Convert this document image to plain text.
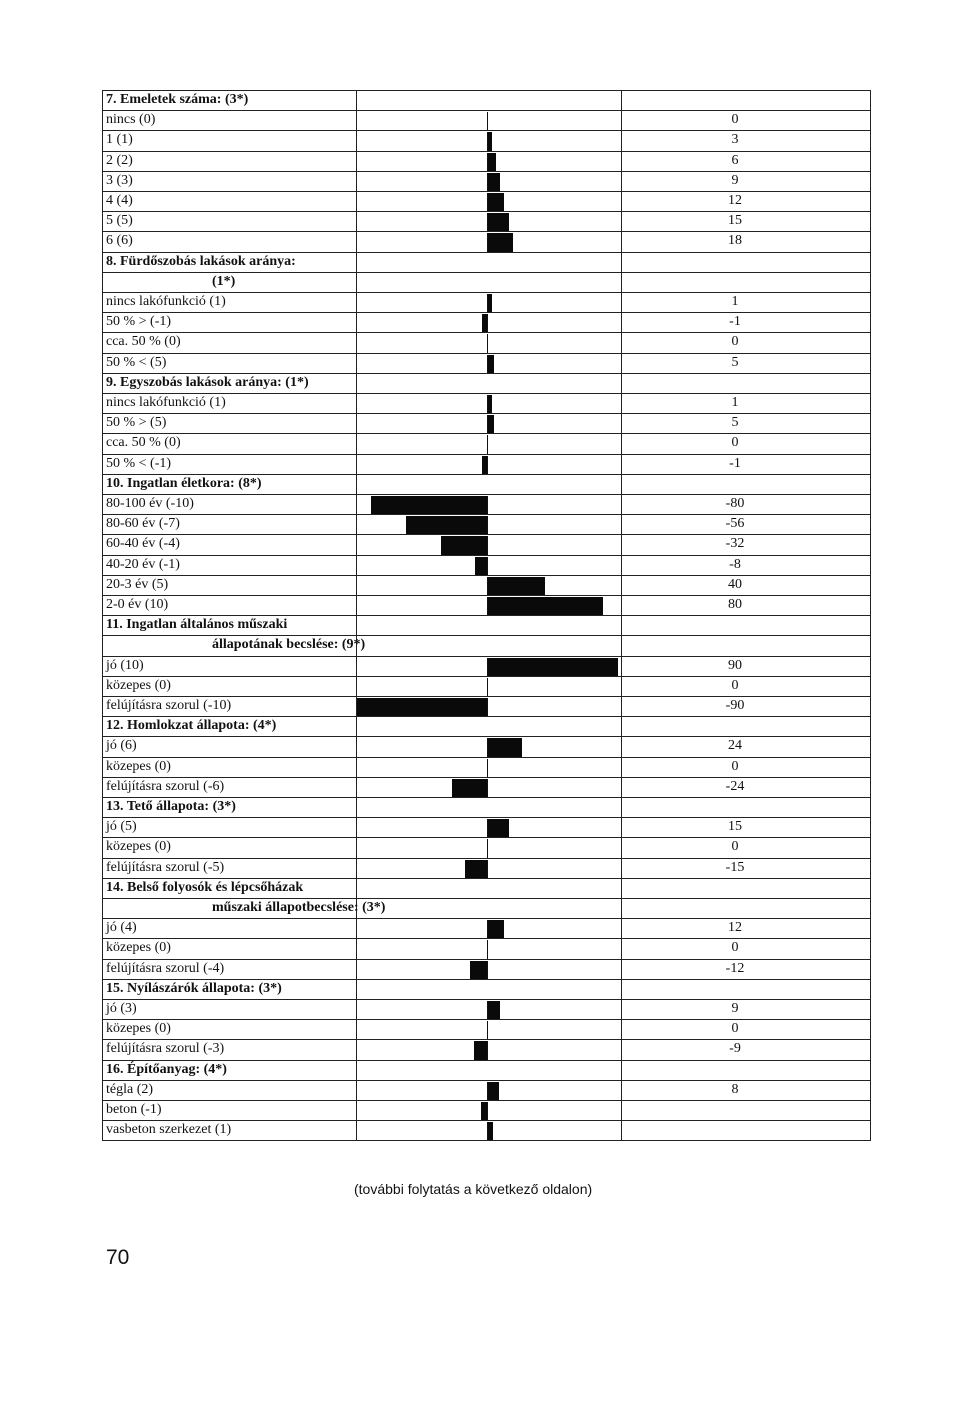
7. Emeletek száma: (3*)
nincs (0)	0
1 (1)	3
2 (2)	6
3 (3)	9
4 (4)	12
5 (5)	15
6 (6)	18
8. Fürdőszobás lakások aránya:
(1*)
nincs lakófunkció (1)	1
50 % > (-1)	-1
cca. 50 % (0)	0
50 % < (5)	5
9. Egyszobás lakások aránya: (1*)
nincs lakófunkció (1)	1
50 % > (5)	5
cca. 50 % (0)	0
50 % < (-1)	-1
10. Ingatlan életkora: (8*)
80-100 év (-10)	-80
80-60 év (-7)	-56
60-40 év (-4)	-32
40-20 év (-1)	-8
20-3 év (5)	40
2-0 év (10)	80
11. Ingatlan általános műszaki
állapotának becslése: (9*)
jó (10)	90
közepes (0)	0
felújításra szorul (-10)	-90
12. Homlokzat állapota: (4*)
jó (6)	24
közepes (0)	0
felújításra szorul (-6)	-24
13. Tető állapota: (3*)
jó (5)	15
közepes (0)	0
felújításra szorul (-5)	-15
14. Belső folyosók és lépcsőházak
műszaki állapotbecslése: (3*)
jó (4)	12
közepes (0)	0
felújításra szorul (-4)	-12
15. Nyílászárók állapota: (3*)
jó (3)	9
közepes (0)	0
felújításra szorul (-3)	-9
16. Építőanyag: (4*)
tégla (2)	8
beton (-1)
vasbeton szerkezet (1)
(további folytatás a következő oldalon)
70
